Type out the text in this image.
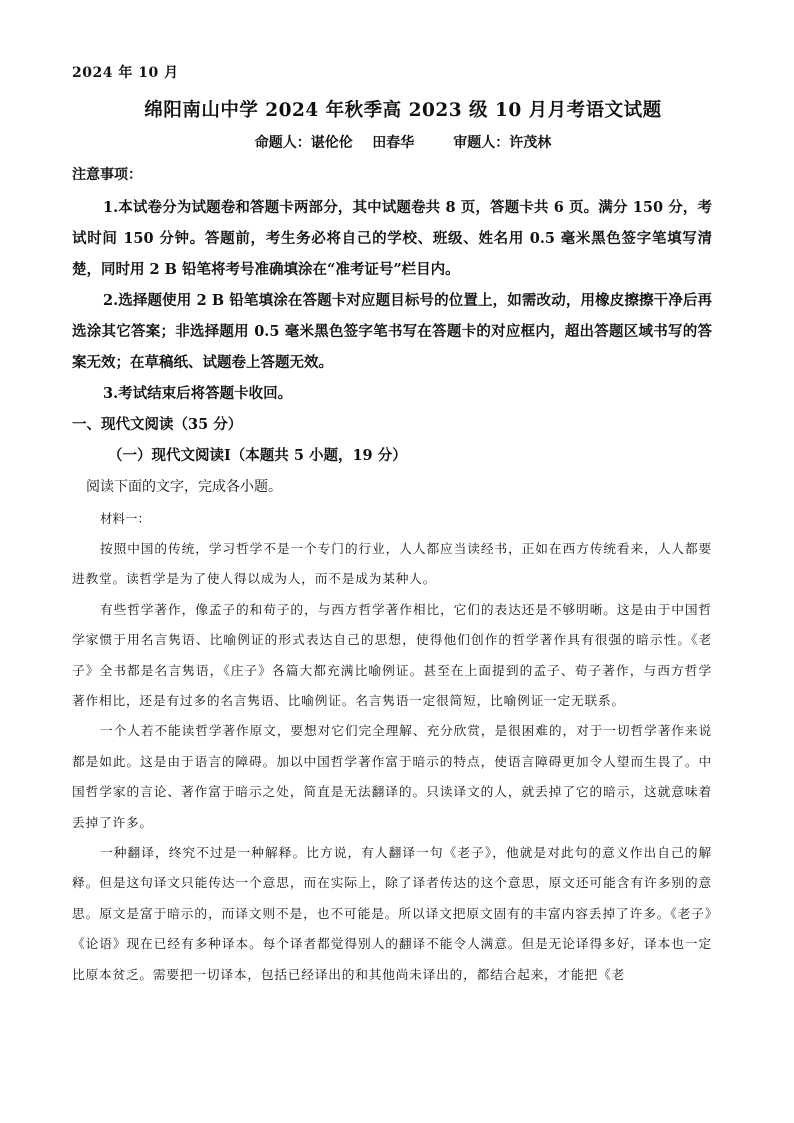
2024 年 10 月
绵阳南山中学 2024 年秋季高 2023 级 10 月月考语文试题
命题人：谌伦伦    田春华        审题人：许茂林
注意事项：

1.本试卷分为试题卷和答题卡两部分，其中试题卷共 8 页，答题卡共 6 页。满分 150 分，考试时间 150 分钟。答题前，考生务必将自己的学校、班级、姓名用 0.5 毫米黑色签字笔填写清楚，同时用 2 B 铅笔将考号准确填涂在“准考证号”栏目内。

2.选择题使用 2 B 铅笔填涂在答题卡对应题目标号的位置上，如需改动，用橡皮擦擦干净后再选涂其它答案；非选择题用 0.5 毫米黑色签字笔书写在答题卡的对应框内，超出答题区域书写的答案无效；在草稿纸、试题卷上答题无效。

3.考试结束后将答题卡收回。

一、现代文阅读（35 分）

（一）现代文阅读Ⅰ（本题共 5 小题，19 分）

阅读下面的文字，完成各小题。

材料一：

按照中国的传统，学习哲学不是一个专门的行业，人人都应当读经书，正如在西方传统看来，人人都要进教堂。读哲学是为了使人得以成为人，而不是成为某种人。

有些哲学著作，像孟子的和荀子的，与西方哲学著作相比，它们的表达还是不够明晰。这是由于中国哲学家惯于用名言隽语、比喻例证的形式表达自己的思想，使得他们创作的哲学著作具有很强的暗示性。《老子》全书都是名言隽语，《庄子》各篇大都充满比喻例证。甚至在上面提到的孟子、荀子著作，与西方哲学著作相比，还是有过多的名言隽语、比喻例证。名言隽语一定很简短，比喻例证一定无联系。

一个人若不能读哲学著作原文，要想对它们完全理解、充分欣赏，是很困难的，对于一切哲学著作来说都是如此。这是由于语言的障碍。加以中国哲学著作富于暗示的特点，使语言障碍更加令人望而生畏了。中国哲学家的言论、著作富于暗示之处，简直是无法翻译的。只读译文的人，就丢掉了它的暗示，这就意味着丢掉了许多。

一种翻译，终究不过是一种解释。比方说，有人翻译一句《老子》，他就是对此句的意义作出自己的解释。但是这句译文只能传达一个意思，而在实际上，除了译者传达的这个意思，原文还可能含有许多别的意思。原文是富于暗示的，而译文则不是，也不可能是。所以译文把原文固有的丰富内容丢掉了许多。《老子》《论语》现在已经有多种译本。每个译者都觉得别人的翻译不能令人满意。但是无论译得多好，译本也一定比原本贫乏。需要把一切译本，包括已经译出的和其他尚未译出的，都结合起来，才能把《老
